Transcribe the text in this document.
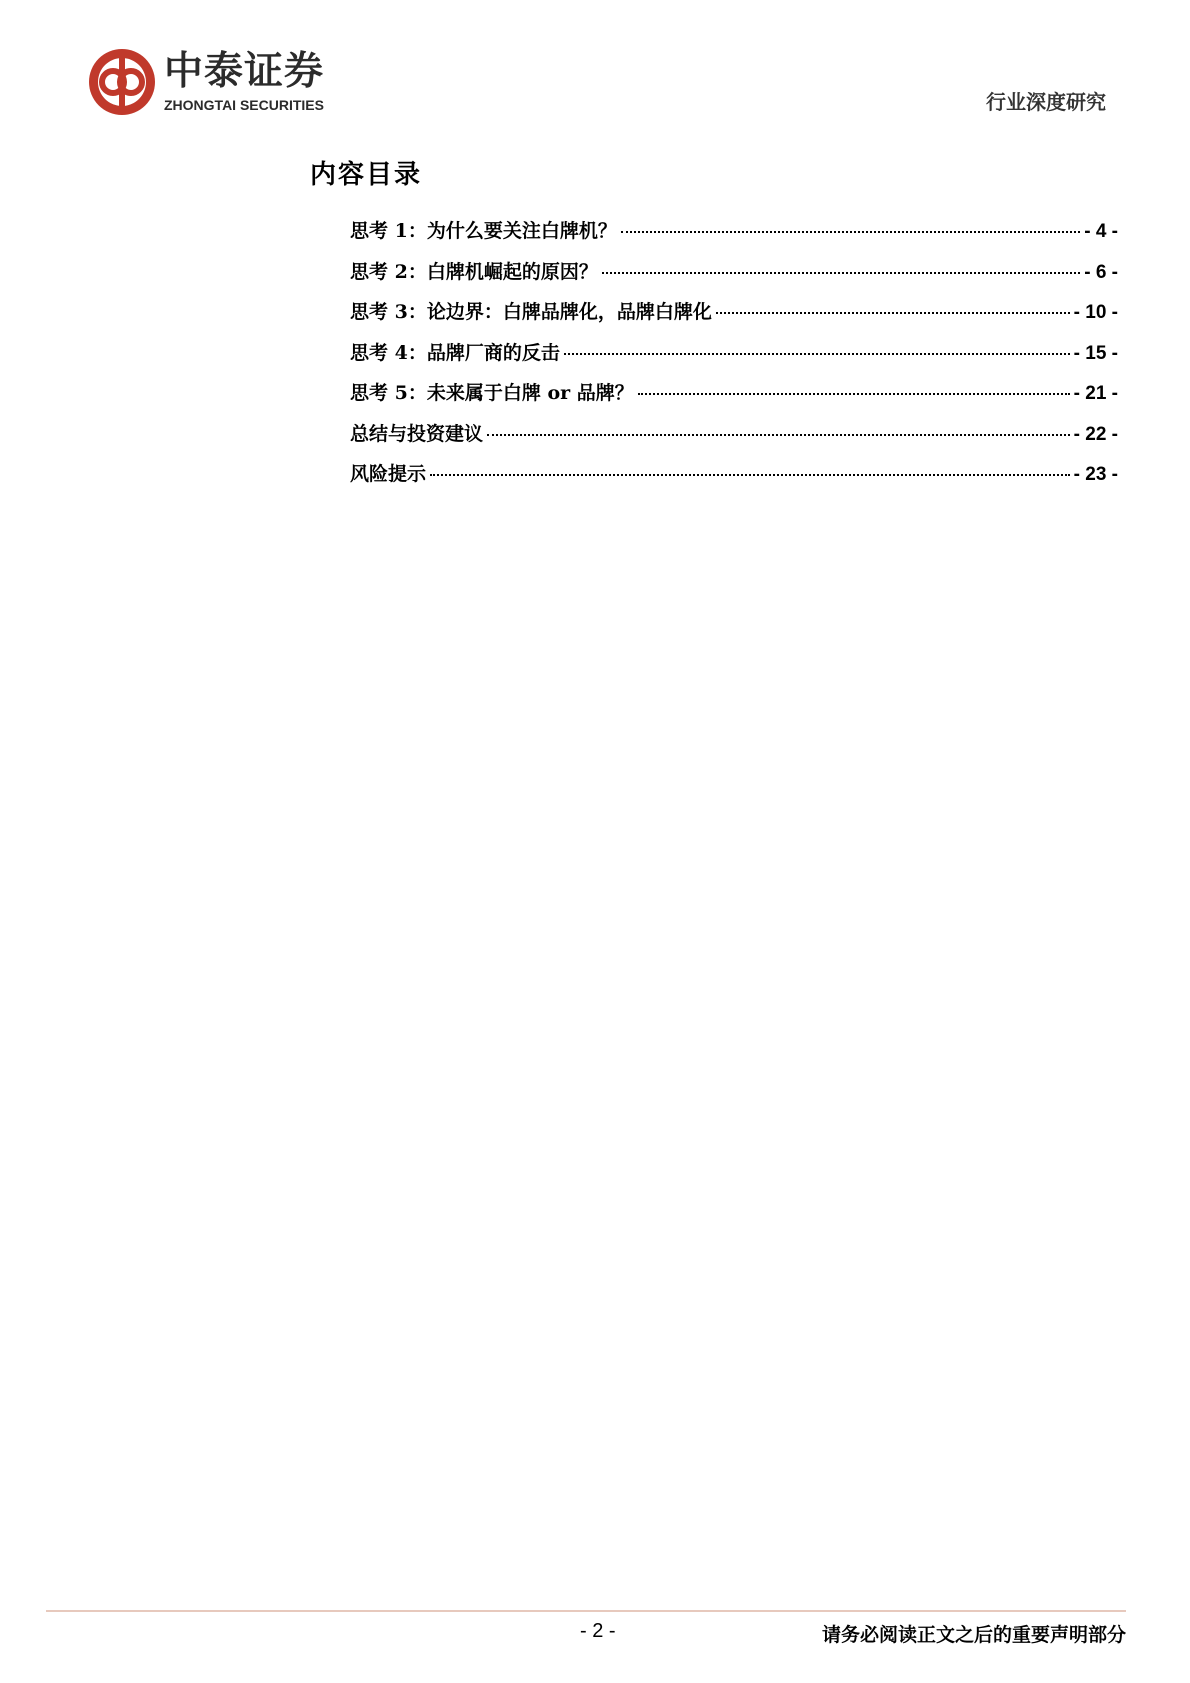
中泰证券
ZHONGTAI SECURITIES	行业深度研究
内容目录
思考 1：为什么要关注白牌机？	- 4 -
思考 2：白牌机崛起的原因？	- 6 -
思考 3：论边界：白牌品牌化，品牌白牌化	- 10 -
思考 4：品牌厂商的反击	- 15 -
思考 5：未来属于白牌 or 品牌？	- 21 -
总结与投资建议	- 22 -
风险提示	- 23 -
- 2 -	请务必阅读正文之后的重要声明部分
